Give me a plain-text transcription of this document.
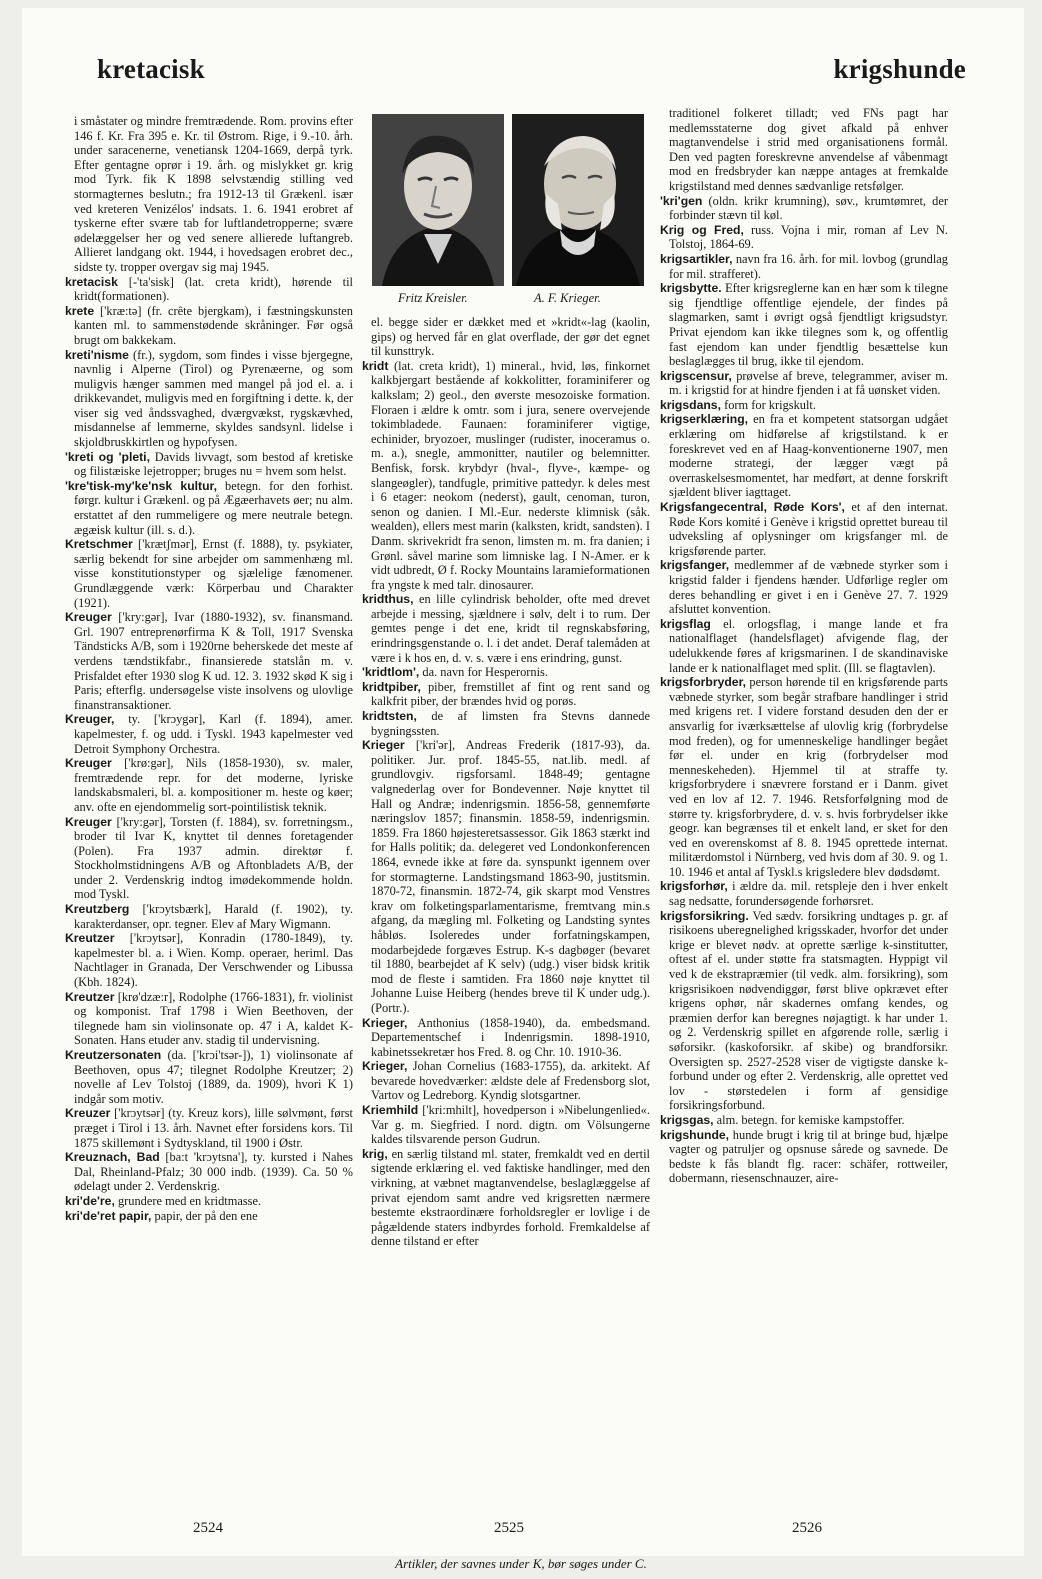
kretacisk	krigshunde

i småstater og mindre fremtrædende. Rom. provins efter 146 f. Kr. Fra 395 e. Kr. til Østrom. Rige, i 9.-10. årh. under saracenerne, venetiansk 1204-1669, derpå tyrk. Efter gentagne oprør i 19. årh. og mislykket gr. krig mod Tyrk. fik K 1898 selvstændig stilling ved stormagternes beslutn.; fra 1912-13 til Grækenl. især ved kreteren Venizélos' indsats. 1. 6. 1941 erobret af tyskerne efter svære tab for luftlandetropperne; svære ødelæggelser her og ved senere allierede luftangreb. Allieret landgang okt. 1944, i hovedsagen erobret dec., sidste ty. tropper overgav sig maj 1945.

kretacisk [-'ta'sisk] (lat. creta kridt), hørende til kridt(formationen).

krete ['kræ:tə] (fr. crête bjergkam), i fæstningskunsten kanten ml. to sammenstødende skråninger. Før også brugt om bakkekam.

kreti'nisme (fr.), sygdom, som findes i visse bjergegne, navnlig i Alperne (Tirol) og Pyrenæerne, og som muligvis hænger sammen med mangel på jod el. a. i drikkevandet, muligvis med en forgiftning i dette. k, der viser sig ved åndssvaghed, dværgvækst, rygskævhed, misdannelse af lemmerne, skyldes sandsynl. lidelse i skjoldbruskkirtlen og hypofysen.

'kreti og 'pleti, Davids livvagt, som bestod af kretiske og filistæiske lejetropper; bruges nu = hvem som helst.

'kre'tisk-my'ke'nsk kultur, betegn. for den forhist. førgr. kultur i Grækenl. og på Ægæerhavets øer; nu alm. erstattet af den rummeligere og mere neutrale betegn. ægæisk kultur (ill. s. d.).

Kretschmer ['krætʃmər], Ernst (f. 1888), ty. psykiater, særlig bekendt for sine arbejder om sammenhæng ml. visse konstitutionstyper og sjælelige fænomener. Grundlæggende værk: Körperbau und Charakter (1921).

Kreuger ['kry:gər], Ivar (1880-1932), sv. finansmand. Grl. 1907 entreprenørfirma K & Toll, 1917 Svenska Tändsticks A/B, som i 1920rne beherskede det meste af verdens tændstikfabr., finansierede statslån m. v. Prisfaldet efter 1930 slog K ud. 12. 3. 1932 skød K sig i Paris; efterflg. undersøgelse viste insolvens og ulovlige finanstransaktioner.

Kreuger, ty. ['krɔygər], Karl (f. 1894), amer. kapelmester, f. og udd. i Tyskl. 1943 kapelmester ved Detroit Symphony Orchestra.

Kreuger ['krø:gər], Nils (1858-1930), sv. maler, fremtrædende repr. for det moderne, lyriske landskabsmaleri, bl. a. kompositioner m. heste og køer; anv. ofte en ejendommelig sort-pointilistisk teknik.

Kreuger ['kry:gər], Torsten (f. 1884), sv. forretningsm., broder til Ivar K, knyttet til dennes foretagender (Polen). Fra 1937 admin. direktør f. Stockholmstidningens A/B og Aftonbladets A/B, der under 2. Verdenskrig indtog imødekommende holdn. mod Tyskl.

Kreutzberg ['krɔytsbærk], Harald (f. 1902), ty. karakterdanser, opr. tegner. Elev af Mary Wigmann.

Kreutzer ['krɔytsər], Konradin (1780-1849), ty. kapelmester bl. a. i Wien. Komp. operaer, heriml. Das Nachtlager in Granada, Der Verschwender og Libussa (Kbh. 1824).

Kreutzer [krø'dzæ:r], Rodolphe (1766-1831), fr. violinist og komponist. Traf 1798 i Wien Beethoven, der tilegnede ham sin violinsonate op. 47 i A, kaldet K-Sonaten. Hans etuder anv. stadig til undervisning.

Kreutzersonaten (da. ['krɔi'tsər-]), 1) violinsonate af Beethoven, opus 47; tilegnet Rodolphe Kreutzer; 2) novelle af Lev Tolstoj (1889, da. 1909), hvori K 1) indgår som motiv.

Kreuzer ['krɔytsər] (ty. Kreuz kors), lille sølvmønt, først præget i Tirol i 13. årh. Navnet efter forsidens kors. Til 1875 skillemønt i Sydtyskland, til 1900 i Østr.

Kreuznach, Bad [ba:t 'krɔytsna'], ty. kursted i Nahes Dal, Rheinland-Pfalz; 30 000 indb. (1939). Ca. 50 % ødelagt under 2. Verdenskrig.

kri'de're, grundere med en kridtmasse.

kri'de'ret papir, papir, der på den ene

Fritz Kreisler.	A. F. Krieger.

el. begge sider er dækket med et »kridt«-lag (kaolin, gips) og herved får en glat overflade, der gør det egnet til kunsttryk.

kridt (lat. creta kridt), 1) mineral., hvid, løs, finkornet kalkbjergart bestående af kokkolitter, foraminiferer og kalkslam; 2) geol., den øverste mesozoiske formation. Floraen i ældre k omtr. som i jura, senere overvejende tokimbladede. Faunaen: foraminiferer vigtige, echinider, bryozoer, muslinger (rudister, inoceramus o. m. a.), snegle, ammonitter, nautiler og belemnitter. Benfisk, forsk. krybdyr (hval-, flyve-, kæmpe- og slangeøgler), tandfugle, primitive pattedyr. k deles mest i 6 etager: neokom (nederst), gault, cenoman, turon, senon og danien. I Ml.-Eur. nederste klimnisk (såk. wealden), ellers mest marin (kalksten, kridt, sandsten). I Danm. skrivekridt fra senon, limsten m. m. fra danien; i Grønl. såvel marine som limniske lag. I N-Amer. er k vidt udbredt, Ø f. Rocky Mountains laramieformationen fra yngste k med talr. dinosaurer.

kridthus, en lille cylindrisk beholder, ofte med drevet arbejde i messing, sjældnere i sølv, delt i to rum. Der gemtes penge i det ene, kridt til regnskabsføring, erindringsgenstande o. l. i det andet. Deraf talemåden at være i k hos en, d. v. s. være i ens erindring, gunst.

'kridtlom', da. navn for Hesperornis.

kridtpiber, piber, fremstillet af fint og rent sand og kalkfrit piber, der brændes hvid og porøs.

kridtsten, de af limsten fra Stevns dannede bygningssten.

Krieger ['kri'ər], Andreas Frederik (1817-93), da. politiker. Jur. prof. 1845-55, nat.lib. medl. af grundlovgiv. rigsforsaml. 1848-49; gentagne valgnederlag over for Bondevenner. Nøje knyttet til Hall og Andræ; indenrigsmin. 1856-58, gennemførte næringslov 1857; finansmin. 1858-59, indenrigsmin. 1859. Fra 1860 højesteretsassessor. Gik 1863 stærkt ind for Halls politik; da. delegeret ved Londonkonferencen 1864, evnede ikke at føre da. synspunkt igennem over for stormagterne. Landstingsmand 1863-90, justitsmin. 1870-72, finansmin. 1872-74, gik skarpt mod Venstres krav om folketingsparlamentarisme, fremtvang min.s afgang, da mægling ml. Folketing og Landsting syntes håbløs. Isoleredes under forfatningskampen, modarbejdede forgæves Estrup. K-s dagbøger (bevaret til 1880, bearbejdet af K selv) (udg.) viser bidsk kritik mod de fleste i samtiden. Fra 1860 nøje knyttet til Johanne Luise Heiberg (hendes breve til K under udg.). (Portr.).

Krieger, Anthonius (1858-1940), da. embedsmand. Departementschef i Indenrigsmin. 1898-1910, kabinetssekretær hos Fred. 8. og Chr. 10. 1910-36.

Krieger, Johan Cornelius (1683-1755), da. arkitekt. Af bevarede hovedværker: ældste dele af Fredensborg slot, Vartov og Ledreborg. Kyndig slotsgartner.

Kriemhild ['kri:mhilt], hovedperson i »Nibelungenlied«. Var g. m. Siegfried. I nord. digtn. om Völsungerne kaldes tilsvarende person Gudrun.

krig, en særlig tilstand ml. stater, fremkaldt ved en dertil sigtende erklæring el. ved faktiske handlinger, med den virkning, at væbnet magtanvendelse, beslaglæggelse af privat ejendom samt andre ved krigsretten nærmere bestemte ekstraordinære forholdsregler er lovlige i de pågældende staters indbyrdes forhold. Fremkaldelse af denne tilstand er efter

traditionel folkeret tilladt; ved FNs pagt har medlemsstaterne dog givet afkald på enhver magtanvendelse i strid med organisationens formål. Den ved pagten foreskrevne anvendelse af våbenmagt mod en fredsbryder kan næppe antages at fremkalde krigstilstand med dennes sædvanlige retsfølger.

'kri'gen (oldn. krikr krumning), søv., krumtømret, der forbinder stævn til køl.

Krig og Fred, russ. Vojna i mir, roman af Lev N. Tolstoj, 1864-69.

krigsartikler, navn fra 16. årh. for mil. lovbog (grundlag for mil. strafferet).

krigsbytte. Efter krigsreglerne kan en hær som k tilegne sig fjendtlige offentlige ejendele, der findes på slagmarken, samt i øvrigt også fjendtligt krigsudstyr. Privat ejendom kan ikke tilegnes som k, og offentlig fast ejendom kan under fjendtlig besættelse kun beslaglægges til brug, ikke til ejendom.

krigscensur, prøvelse af breve, telegrammer, aviser m. m. i krigstid for at hindre fjenden i at få uønsket viden.

krigsdans, form for krigskult.

krigserklæring, en fra et kompetent statsorgan udgået erklæring om hidførelse af krigstilstand. k er foreskrevet ved en af Haag-konventionerne 1907, men moderne strategi, der lægger vægt på overraskelsesmomentet, har medført, at denne forskrift sjældent bliver iagttaget.

Krigsfangecentral, Røde Kors', et af den internat. Røde Kors komité i Genève i krigstid oprettet bureau til udveksling af oplysninger om krigsfanger ml. de krigsførende parter.

krigsfanger, medlemmer af de væbnede styrker som i krigstid falder i fjendens hænder. Udførlige regler om deres behandling er givet i en i Genève 27. 7. 1929 afsluttet konvention.

krigsflag el. orlogsflag, i mange lande et fra nationalflaget (handelsflaget) afvigende flag, der udelukkende føres af krigsmarinen. I de skandinaviske lande er k nationalflaget med split. (Ill. se flagtavlen).

krigsforbryder, person hørende til en krigsførende parts væbnede styrker, som begår strafbare handlinger i strid med krigens ret. I videre forstand desuden den der er ansvarlig for iværksættelse af ulovlig krig (forbrydelse mod freden), og for umenneskelige handlinger begået før el. under en krig (forbrydelser mod menneskeheden). Hjemmel til at straffe ty. krigsforbrydere i snævrere forstand er i Danm. givet ved en lov af 12. 7. 1946. Retsforfølgning mod de større ty. krigsforbrydere, d. v. s. hvis forbrydelser ikke geogr. kan begrænses til et enkelt land, er sket for den ved en overenskomst af 8. 8. 1945 oprettede internat. militærdomstol i Nürnberg, ved hvis dom af 30. 9. og 1. 10. 1946 et antal af Tyskl.s krigsledere blev dødsdømt.

krigsforhør, i ældre da. mil. retspleje den i hver enkelt sag nedsatte, forundersøgende forhørsret.

krigsforsikring. Ved sædv. forsikring undtages p. gr. af risikoens uberegnelighed krigsskader, hvorfor det under krige er blevet nødv. at oprette særlige k-sinstitutter, oftest af el. under støtte fra statsmagten. Hyppigt vil ved k de ekstrapræmier (til vedk. alm. forsikring), som krigsrisikoen nødvendiggør, først blive opkrævet efter krigens ophør, når skadernes omfang kendes, og præmien derfor kan beregnes nøjagtigt. k har under 1. og 2. Verdenskrig spillet en afgørende rolle, særlig i søforsikr. (kaskoforsikr. af skibe) og brandforsikr. Oversigten sp. 2527-2528 viser de vigtigste danske k-forbund under og efter 2. Verdenskrig, alle oprettet ved lov - størstedelen i form af gensidige forsikringsforbund.

krigsgas, alm. betegn. for kemiske kampstoffer.

krigshunde, hunde brugt i krig til at bringe bud, hjælpe vagter og patruljer og opsnuse sårede og savnede. De bedste k fås blandt flg. racer: schäfer, rottweiler, dobermann, riesenschnauzer, aire-

2524	2525	2526
Artikler, der savnes under K, bør søges under C.
